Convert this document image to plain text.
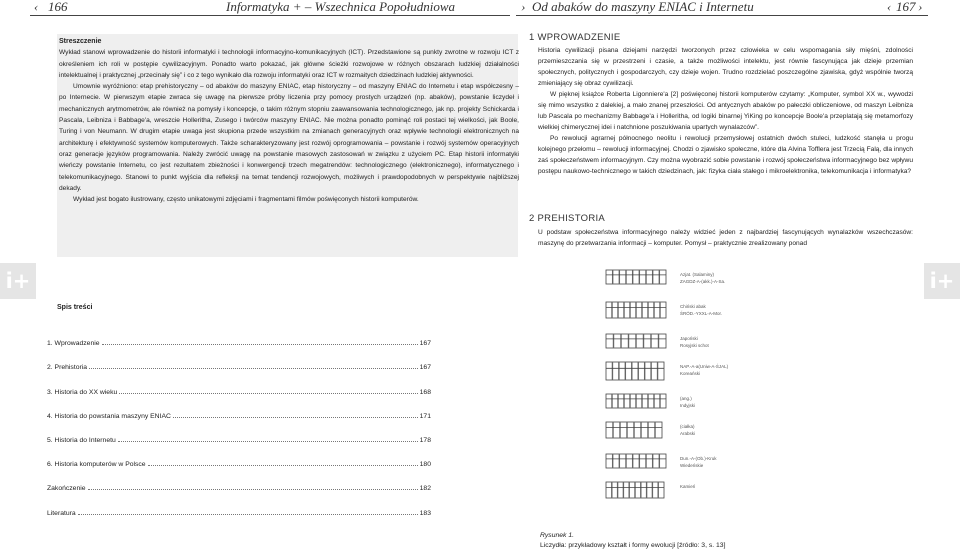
‹ 166	Informatyka + – Wszechnica Popołudniowa	› Od abaków do maszyny ENIAC i Internetu	‹ 167 ›
i+	i+

Streszczenie

Wykład stanowi wprowadzenie do historii informatyki i technologii informacyjno-komunikacyjnych (ICT). Przedstawione są punkty zwrotne w rozwoju ICT z określeniem ich roli w postępie cywilizacyjnym. Ponadto warto pokazać, jak główne ścieżki rozwojowe w różnych obszarach ludzkiej działalności intelektualnej i praktycznej „przecinały się” i co z tego wynikało dla rozwoju informatyki oraz ICT w rozmaitych dziedzinach ludzkiej aktywności.

Umownie wyróżniono: etap prehistoryczny – od abaków do maszyny ENIAC, etap historyczny – od maszyny ENIAC do Internetu i etap współczesny – po Internecie. W pierwszym etapie zwraca się uwagę na pierwsze próby liczenia przy pomocy prostych urządzeń (np. abaków), powstanie liczydeł i mechanicznych arytmometrów, ale również na pomysły i koncepcje, o takim różnym stopniu zaawansowania technologicznego, jak np. projekty Schickarda i Pascala, Leibniza i Babbage'a, wreszcie Holleritha, Zusego i twórców maszyny ENIAC. Nie można ponadto pominąć roli postaci tej wielkości, jak Boole, Turing i von Neumann. W drugim etapie uwaga jest skupiona przede wszystkim na zmianach generacyjnych oraz wpływie technologii elektronicznych na architekturę i efektywność systemów komputerowych. Także scharakteryzowany jest rozwój oprogramowania – powstanie i rozwój systemów operacyjnych oraz generacje języków programowania. Należy zwrócić uwagę na powstanie masowych zastosowań w związku z użyciem PC. Etap historii informatyki wieńczy powstanie Internetu, co jest rezultatem zbieżności i konwergencji trzech megatrendów: technologicznego (elektronicznego), informatycznego i telekomunikacyjnego. Stanowi to punkt wyjścia dla refleksji na temat tendencji rozwojowych, możliwych i prawdopodobnych w perspektywie najbliższej dekady.

Wykład jest bogato ilustrowany, często unikatowymi zdjęciami i fragmentami filmów poświęconych historii komputerów.

Spis treści
1. Wprowadzenie	167
2. Prehistoria	167
3. Historia do XX wieku	168
4. Historia do powstania maszyny ENIAC	171
5. Historia do Internetu	178
6. Historia komputerów w Polsce	180
Zakończenie	182
Literatura	183
1 WPROWADZENIE

Historia cywilizacji pisana dziejami narzędzi tworzonych przez człowieka w celu wspomagania siły mięśni, zdolności przemieszczania się w przestrzeni i czasie, a także możliwości intelektu, jest równie fascynująca jak dzieje przemian społecznych, politycznych i gospodarczych, czy dzieje wojen. Trudno rozdzielać poszczególne zjawiska, gdyż wspólnie tworzą zmieniający się obraz cywilizacji.

W pięknej książce Roberta Ligonniere'a [2] poświęconej historii komputerów czytamy: „Komputer, symbol XX w., wywodzi się mimo wszystko z dalekiej, a mało znanej przeszłości. Od antycznych abaków po pałeczki obliczeniowe, od maszyn Leibniza lub Pascala po mechanizmy Babbage'a i Holleritha, od logiki binarnej YiKing po koncepcje Boole'a przeplatają się metamorfozy wielkiej chimerycznej idei i natchnione poszukiwania upartych wynalazców”.

Po rewolucji agrarnej północnego neolitu i rewolucji przemysłowej ostatnich dwóch stuleci, ludzkość stanęła u progu kolejnego przełomu – rewolucji informacyjnej. Chodzi o zjawisko społeczne, które dla Alvina Tofflera jest Trzecią Falą, dla innych zaś społeczeństwem informacyjnym. Czy można wyobrazić sobie powstanie i rozwój społeczeństwa informacyjnego bez wpływu postępu naukowo-technicznego w takich dziedzinach, jak: fizyka ciała stałego i mikroelektronika, telekomunikacja i informatyka?

2 PREHISTORIA

U podstaw społeczeństwa informacyjnego należy widzieć jeden z najbardziej fascynujących wynalazków wszechczasów: maszynę do przetwarzania informacji – komputer. Pomysł – praktycznie zrealizowany ponad

Azjat. (Salaminy)
ZAGDZ-A-(akk.)-A-Sa.
Chiński abak
ŚRÓD.-YXXL-A-Mor.
Japoński
Rosyjski schot
NAP.-A-a(Uniw-A-ŚJAL)
Koreański
(ang.)
Indyjski
(ciałka)
Arabski
Dun.-A-(Ob.)-Kruk
Wiedeńskie
Kamień
Rysunek 1.
Liczydła: przykładowy kształt i formy ewolucji [źródło: 3, s. 13]
